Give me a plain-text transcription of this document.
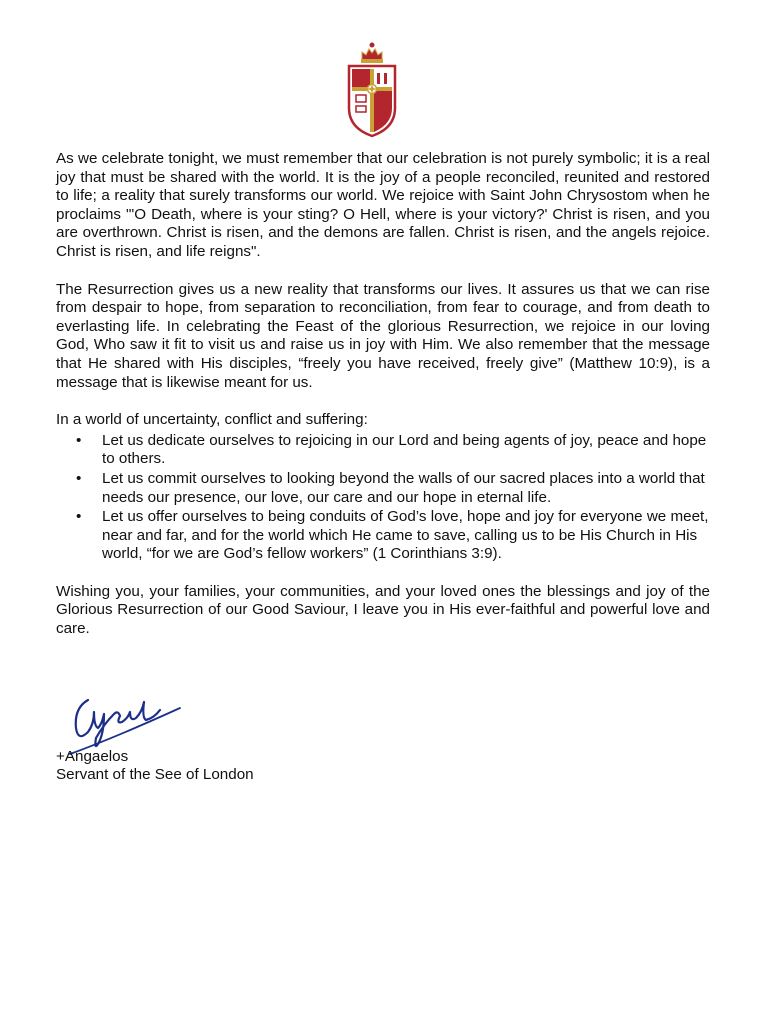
As we celebrate tonight, we must remember that our celebration is not purely symbolic; it is a real joy that must be shared with the world. It is the joy of a people reconciled, reunited and restored to life; a reality that surely transforms our world. We rejoice with Saint John Chrysostom when he proclaims "'O Death, where is your sting? O Hell, where is your victory?' Christ is risen, and you are overthrown. Christ is risen, and the demons are fallen. Christ is risen, and the angels rejoice. Christ is risen, and life reigns".

The Resurrection gives us a new reality that transforms our lives. It assures us that we can rise from despair to hope, from separation to reconciliation, from fear to courage, and from death to everlasting life. In celebrating the Feast of the glorious Resurrection, we rejoice in our loving God, Who saw it fit to visit us and raise us in joy with Him. We also remember that the message that He shared with His disciples, “freely you have received, freely give” (Matthew 10:9), is a message that is likewise meant for us.

In a world of uncertainty, conflict and suffering:

• Let us dedicate ourselves to rejoicing in our Lord and being agents of joy, peace and hope to others.
• Let us commit ourselves to looking beyond the walls of our sacred places into a world that needs our presence, our love, our care and our hope in eternal life.
• Let us offer ourselves to being conduits of God’s love, hope and joy for everyone we meet, near and far, and for the world which He came to save, calling us to be His Church in His world, “for we are God’s fellow workers” (1 Corinthians 3:9).

Wishing you, your families, your communities, and your loved ones the blessings and joy of the Glorious Resurrection of our Good Saviour, I leave you in His ever-faithful and powerful love and care.

+Angaelos
Servant of the See of London
